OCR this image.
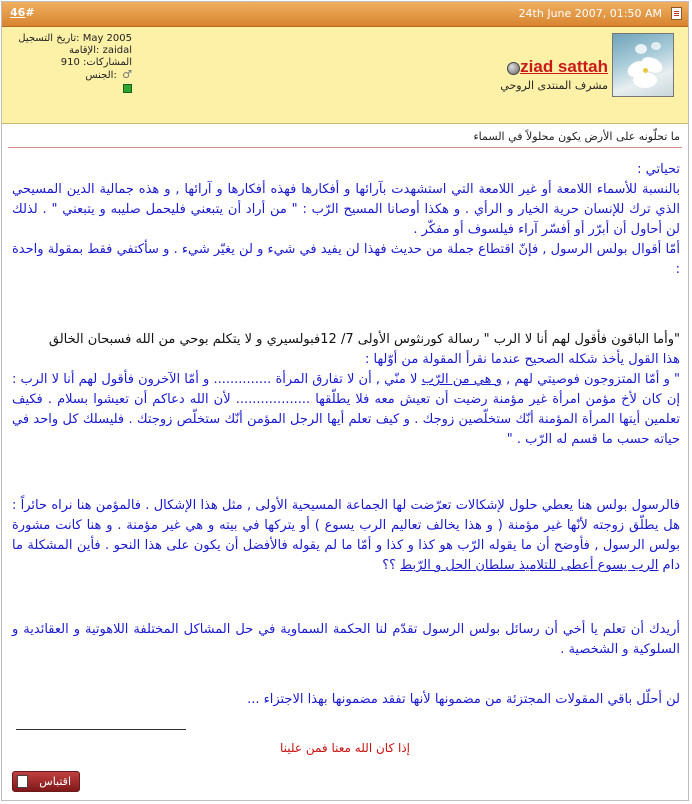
46#	24th June 2007, 01:50 AM
تاريخ التسجيل: May 2005
الإقامة: zaidal
المشاركات: 910
الجنس: ♂	ziad sattah
مشرف المنتدى الروحي
ما تحلّونه على الأرض يكون محلولاً في السماء

تحياتي :

بالنسبة للأسماء اللامعة أو غير اللامعة التي استشهدت بآرائها و أفكارها فهذه أفكارها و آرائها , و هذه جمالية الدين المسيحي الذي ترك للإنسان حرية الخيار و الرأي . و هكذا أوصانا المسيح الرّب : " من أراد أن يتبعني فليحمل صليبه و يتبعني " . لذلك لن أحاول أن أبرّر أو أفسّر آراء فيلسوف أو مفكّر .

أمّا أقوال بولس الرسول , فإنّ اقتطاع جملة من حديث فهذا لن يفيد في شيء و لن يغيّر شيء . و سأكتفي فقط بمقولة واحدة :

"وأما الباقون فأقول لهم أنا لا الرب " رسالة كورنثوس الأولى 7/ 12فبولسيري و لا يتكلم بوحي من الله فسبحان الخالق

هذا القول يأخذ شكله الصحيح عندما نقرأ المقولة من أوّلها :

" و أمّا المتزوجون فوصيتي لهم , و هي من الرّب لا منّي , أن لا تفارق المرأة .............. و أمّا الآخرون فأقول لهم أنا لا الرب : إن كان لأخ مؤمن امرأة غير مؤمنة رضيت أن تعيش معه فلا يطلّقها .................. لأن الله دعاكم أن تعيشوا بسلام . فكيف تعلمين أيتها المرأة المؤمنة أنّك ستخلّصين زوجك . و كيف تعلم أيها الرجل المؤمن أنّك ستخلّص زوجتك . فليسلك كل واحد في حياته حسب ما قسم له الرّب . "

فالرسول بولس هنا يعطي حلول لإشكالات تعرّضت لها الجماعة المسيحية الأولى , مثل هذا الإشكال . فالمؤمن هنا نراه حائراً : هل يطلّق زوجته لأنّها غير مؤمنة ( و هذا يخالف تعاليم الرب يسوع ) أو يتركها في بيته و هي غير مؤمنة . و هنا كانت مشورة بولس الرسول , فأوضح أن ما يقوله الرّب هو كذا و كذا و أمّا ما لم يقوله فالأفضل أن يكون على هذا النحو . فأين المشكلة ما دام الرب يسوع أعطى للتلاميذ سلطان الحل و الرّبط ؟؟

أريدك أن تعلم يا أخي أن رسائل بولس الرسول تقدّم لنا الحكمة السماوية في حل المشاكل المختلفة اللاهوتية و العقائدية و السلوكية و الشخصية .

لن أحلّل باقي المقولات المجتزئة من مضمونها لأنها تفقد مضمونها بهذا الاجتزاء ...

إذا كان الله معنا فمن علينا
اقتباس
